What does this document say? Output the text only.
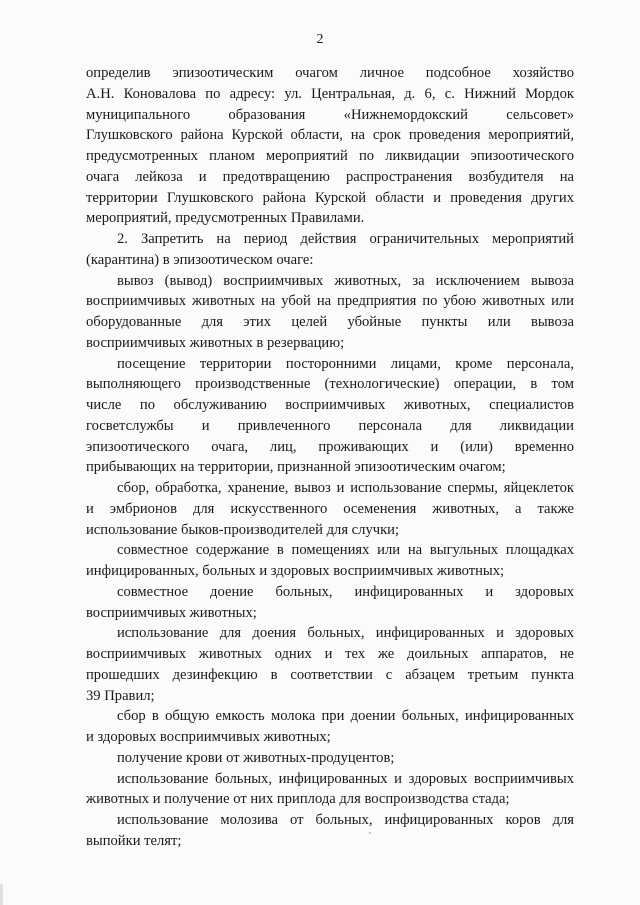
2
определив эпизоотическим очагом личное подсобное хозяйство
А.Н. Коновалова по адресу: ул. Центральная, д. 6, с. Нижний Мордок
муниципального образования «Нижнемордокский сельсовет»
Глушковского района Курской области, на срок проведения мероприятий,
предусмотренных планом мероприятий по ликвидации эпизоотического
очага лейкоза и предотвращению распространения возбудителя на
территории Глушковского района Курской области и проведения других
мероприятий, предусмотренных Правилами.
2. Запретить на период действия ограничительных мероприятий
(карантина) в эпизоотическом очаге:
вывоз (вывод) восприимчивых животных, за исключением вывоза
восприимчивых животных на убой на предприятия по убою животных или
оборудованные для этих целей убойные пункты или вывоза
восприимчивых животных в резервацию;
посещение территории посторонними лицами, кроме персонала,
выполняющего производственные (технологические) операции, в том
числе по обслуживанию восприимчивых животных, специалистов
госветслужбы и привлеченного персонала для ликвидации
эпизоотического очага, лиц, проживающих и (или) временно
прибывающих на территории, признанной эпизоотическим очагом;
сбор, обработка, хранение, вывоз и использование спермы, яйцеклеток
и эмбрионов для искусственного осеменения животных, а также
использование быков-производителей для случки;
совместное содержание в помещениях или на выгульных площадках
инфицированных, больных и здоровых восприимчивых животных;
совместное доение больных, инфицированных и здоровых
восприимчивых животных;
использование для доения больных, инфицированных и здоровых
восприимчивых животных одних и тех же доильных аппаратов, не
прошедших дезинфекцию в соответствии с абзацем третьим пункта
39 Правил;
сбор в общую емкость молока при доении больных, инфицированных
и здоровых восприимчивых животных;
получение крови от животных-продуцентов;
использование больных, инфицированных и здоровых восприимчивых
животных и получение от них приплода для воспроизводства стада;
использование молозива от больных, инфицированных коров для
выпойки телят;
